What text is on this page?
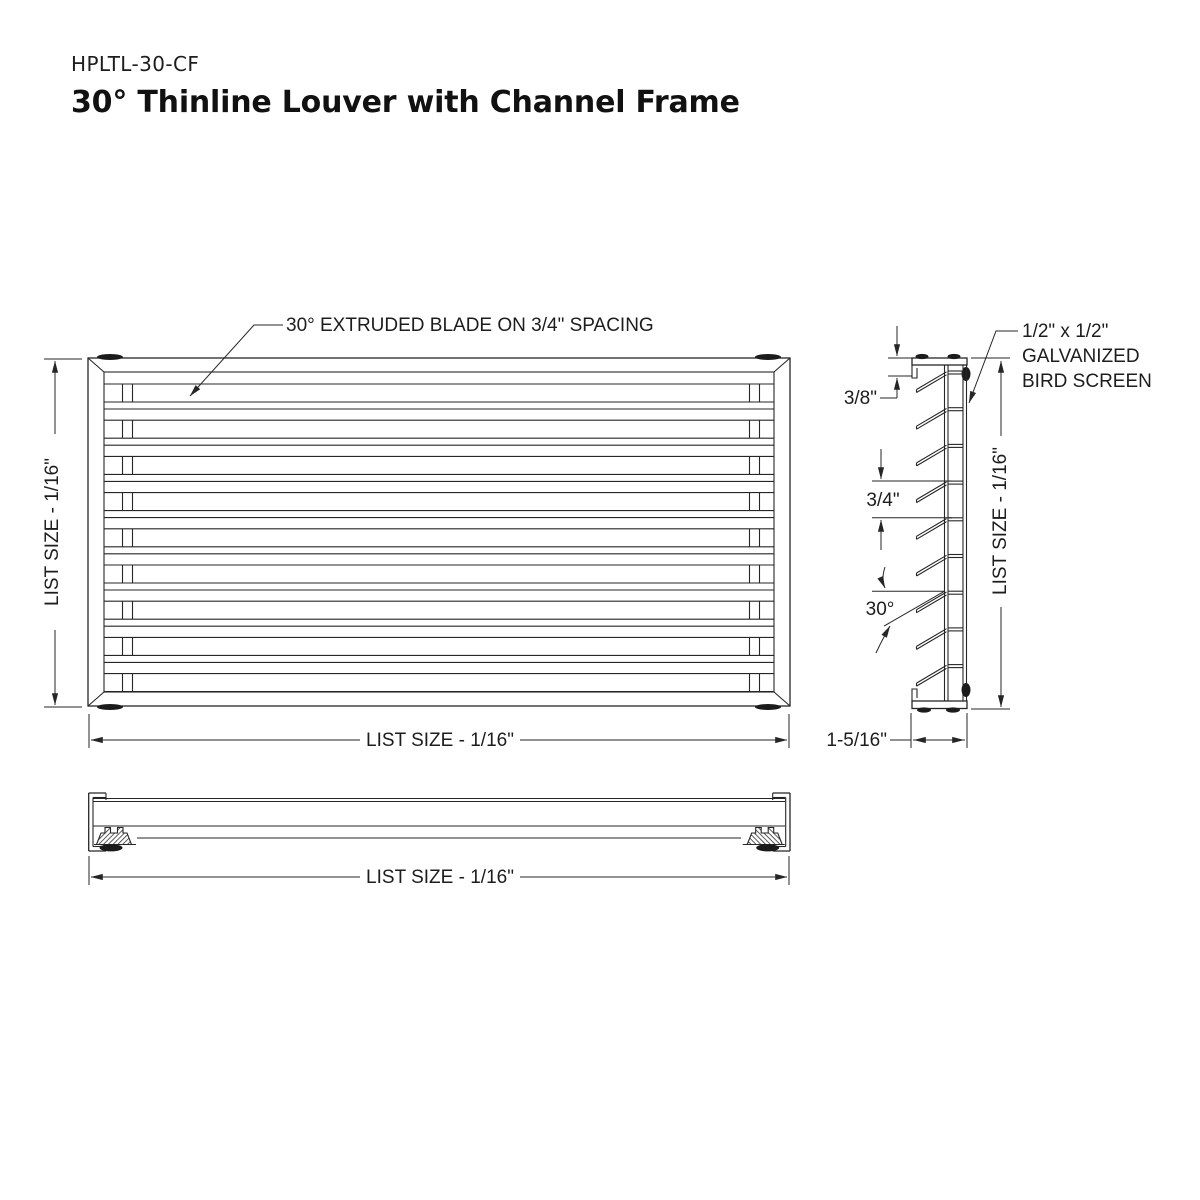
HPLTL-30-CF
30° Thinline Louver with Channel Frame
30° EXTRUDED BLADE ON 3/4" SPACING
LIST SIZE - 1/16"
LIST SIZE - 1/16"
3/8"
3/4"
30°
1-5/16"
LIST SIZE - 1/16"
1/2" x 1/2"
GALVANIZED
BIRD SCREEN
LIST SIZE - 1/16"
